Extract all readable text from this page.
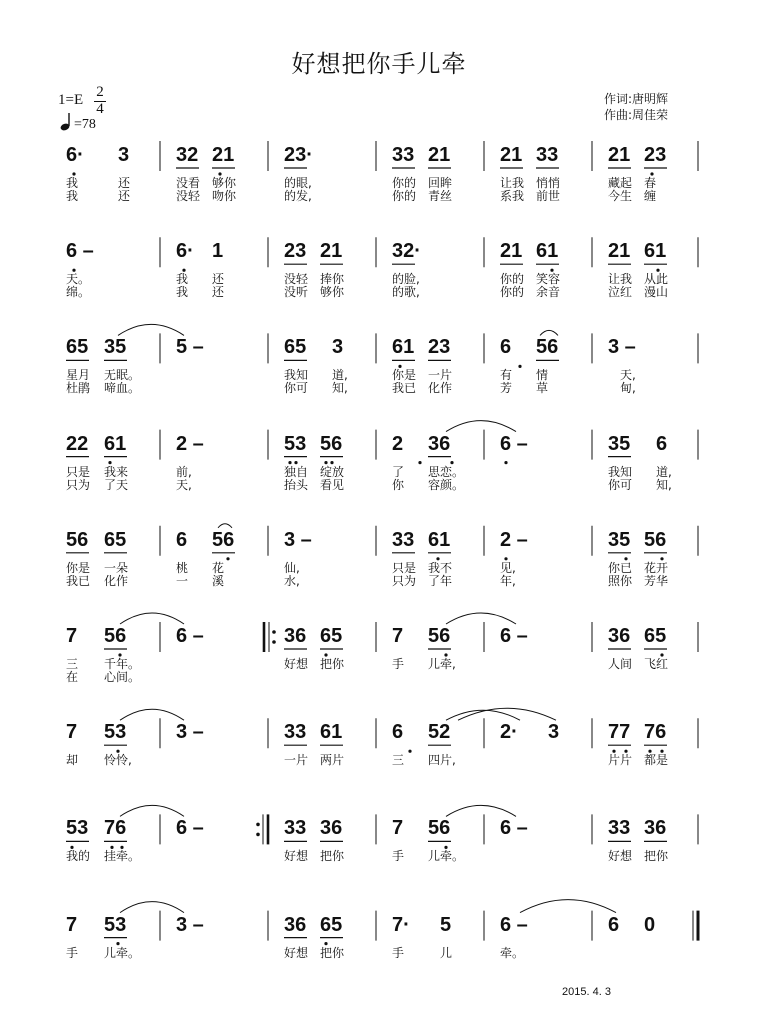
好想把你手儿牵
1=E 2
4
=78
作词:唐明辉
作曲:周佳荣
6· 3 32 21 23·	33 21 21 33 21 23
我	还	没看 够你	的眼,	你的 回眸	让我 悄悄	藏起 春
我	还	没轻 吻你	的发,	你的 青丝	系我 前世	今生 缠
6 –	6· 1	23 21 32·	21 61 21 61
天。	我 还	没轻 捧你	的脸,	你的 笑容	让我 从此
绵。	我 还	没听 够你	的歌,	你的 余音	泣红 漫山
65 35 5 –	65 3 61 23 6 56 3 –
星月 无眠。	我知 道,	你是 一片	有 情	天,
杜鹃 啼血。	你可 知,	我已 化作	芳 草	甸,
22 61 2 –	53 56 2 36 6 –	35 6
只是 我来	前,	独自 绽放	了 思恋。	我知 道,
只为 了天	天,	抬头 看见	你 容颜。	你可 知,
56 65 6 56 3 –	33 61 2 –	35 56
你是 一朵	桃 花	仙,	只是 我不	见,	你已 花开
我已 化作	一 溪	水,	只为 了年	年,	照你 芳华
7 56 6 –	36 65 7 56 6 –	36 65
三 千年。	好想 把你	手 儿牵,	人间 飞红
在 心间。
7 53 3 –	33 61 6 52 2· 3 77 76
却 怜怜,	一片 两片	三 四片,	片片 都是
53 76 6 –	33 36 7 56 6 –	33 36
我的 挂牵。	好想 把你	手 儿牵。	好想 把你
7 53 3 –	36 65 7· 5 6 –	6 0
手 儿牵。	好想 把你	手	儿	牵。
2015. 4. 3
